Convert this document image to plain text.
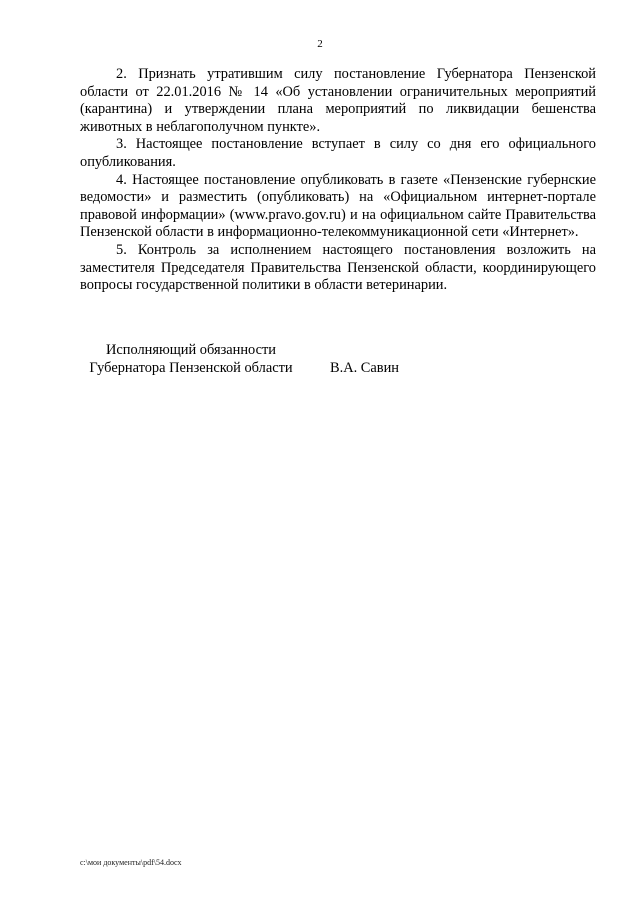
2

2. Признать утратившим силу постановление Губернатора Пензенской области от 22.01.2016 № 14 «Об установлении ограничительных мероприятий (карантина) и утверждении плана мероприятий по ликвидации бешенства животных в неблагополучном пункте».

3. Настоящее постановление вступает в силу со дня его официального опубликования.

4. Настоящее постановление опубликовать в газете «Пензенские губернские ведомости» и разместить (опубликовать) на «Официальном интернет-портале правовой информации» (www.pravo.gov.ru) и на официальном сайте Правительства Пензенской области в информационно-телекоммуникационной сети «Интернет».

5. Контроль за исполнением настоящего постановления возложить на заместителя Председателя Правительства Пензенской области, координирующего вопросы государственной политики в области ветеринарии.

Исполняющий обязанности
Губернатора Пензенской области	В.А. Савин
c:\мои документы\pdf\54.docx
